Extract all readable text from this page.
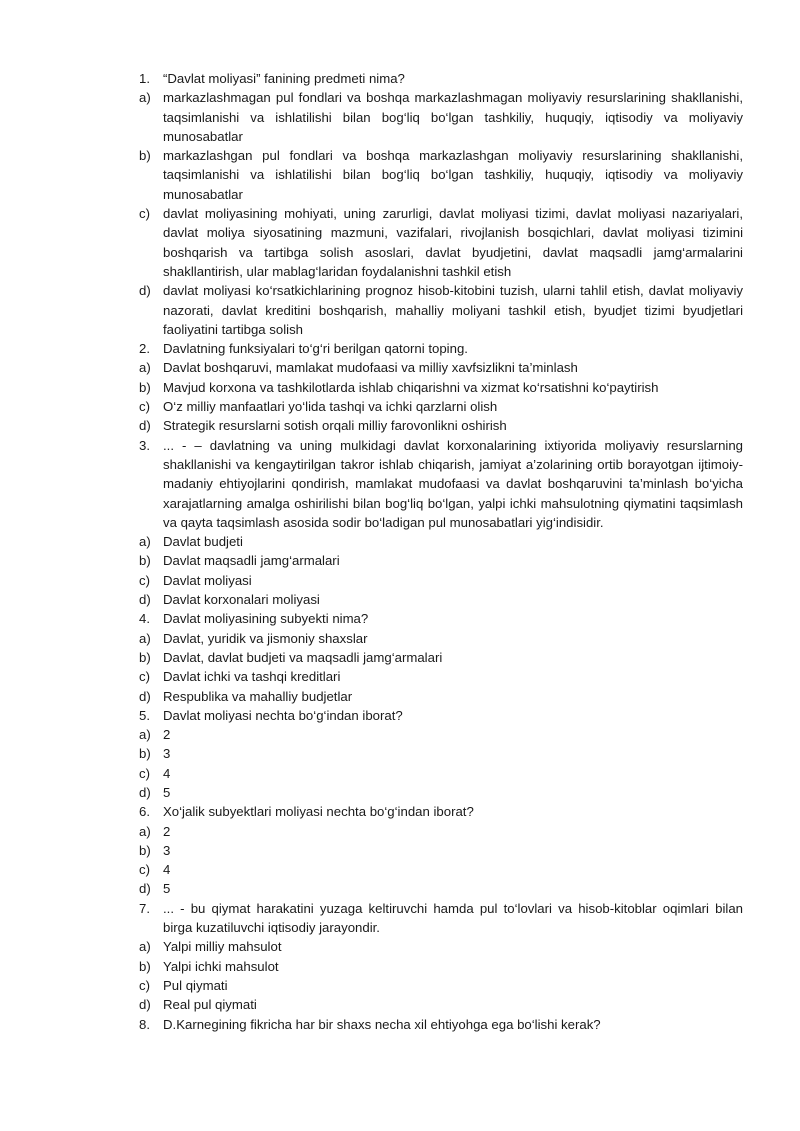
1. “Davlat moliyasi” fanining predmeti nima?
a) markazlashmagan pul fondlari va boshqa markazlashmagan moliyaviy resurslarining shakllanishi, taqsimlanishi va ishlatilishi bilan bog‘liq bo‘lgan tashkiliy, huquqiy, iqtisodiy va moliyaviy munosabatlar
b) markazlashgan pul fondlari va boshqa markazlashgan moliyaviy resurslarining shakllanishi, taqsimlanishi va ishlatilishi bilan bog‘liq bo‘lgan tashkiliy, huquqiy, iqtisodiy va moliyaviy munosabatlar
c) davlat moliyasining mohiyati, uning zarurligi, davlat moliyasi tizimi, davlat moliyasi nazariyalari, davlat moliya siyosatining mazmuni, vazifalari, rivojlanish bosqichlari, davlat moliyasi tizimini boshqarish va tartibga solish asoslari, davlat byudjetini, davlat maqsadli jamg‘armalarini shakllantirish, ular mablag‘laridan foydalanishni tashkil etish
d) davlat moliyasi ko‘rsatkichlarining prognoz hisob-kitobini tuzish, ularni tahlil etish, davlat moliyaviy nazorati, davlat kreditini boshqarish, mahalliy moliyani tashkil etish, byudjet tizimi byudjetlari faoliyatini tartibga solish
2. Davlatning funksiyalari to‘g‘ri berilgan qatorni toping.
a) Davlat boshqaruvi, mamlakat mudofaasi va milliy xavfsizlikni ta’minlash
b) Mavjud korxona va tashkilotlarda ishlab chiqarishni va xizmat ko‘rsatishni ko‘paytirish
c) O‘z milliy manfaatlari yo‘lida tashqi va ichki qarzlarni olish
d) Strategik resurslarni sotish orqali milliy farovonlikni oshirish
3. ... - – davlatning va uning mulkidagi davlat korxonalarining ixtiyorida moliyaviy resurslarning shakllanishi va kengaytirilgan takror ishlab chiqarish, jamiyat a’zolarining ortib borayotgan ijtimoiy-madaniy ehtiyojlarini qondirish, mamlakat mudofaasi va davlat boshqaruvini ta’minlash bo‘yicha xarajatlarning amalga oshirilishi bilan bog‘liq bo‘lgan, yalpi ichki mahsulotning qiymatini taqsimlash va qayta taqsimlash asosida sodir bo‘ladigan pul munosabatlari yig‘indisidir.
a) Davlat budjeti
b) Davlat maqsadli jamg‘armalari
c) Davlat moliyasi
d) Davlat korxonalari moliyasi
4. Davlat moliyasining subyekti nima?
a) Davlat, yuridik va jismoniy shaxslar
b) Davlat, davlat budjeti va maqsadli jamg‘armalari
c) Davlat ichki va tashqi kreditlari
d) Respublika va mahalliy budjetlar
5. Davlat moliyasi nechta bo‘g‘indan iborat?
a) 2
b) 3
c) 4
d) 5
6. Xo‘jalik subyektlari moliyasi nechta bo‘g‘indan iborat?
a) 2
b) 3
c) 4
d) 5
7. ... - bu qiymat harakatini yuzaga keltiruvchi hamda pul to‘lovlari va hisob-kitoblar oqimlari bilan birga kuzatiluvchi iqtisodiy jarayondir.
a) Yalpi milliy mahsulot
b) Yalpi ichki mahsulot
c) Pul qiymati
d) Real pul qiymati
8. D.Karnegining fikricha har bir shaxs necha xil ehtiyohga ega bo‘lishi kerak?
